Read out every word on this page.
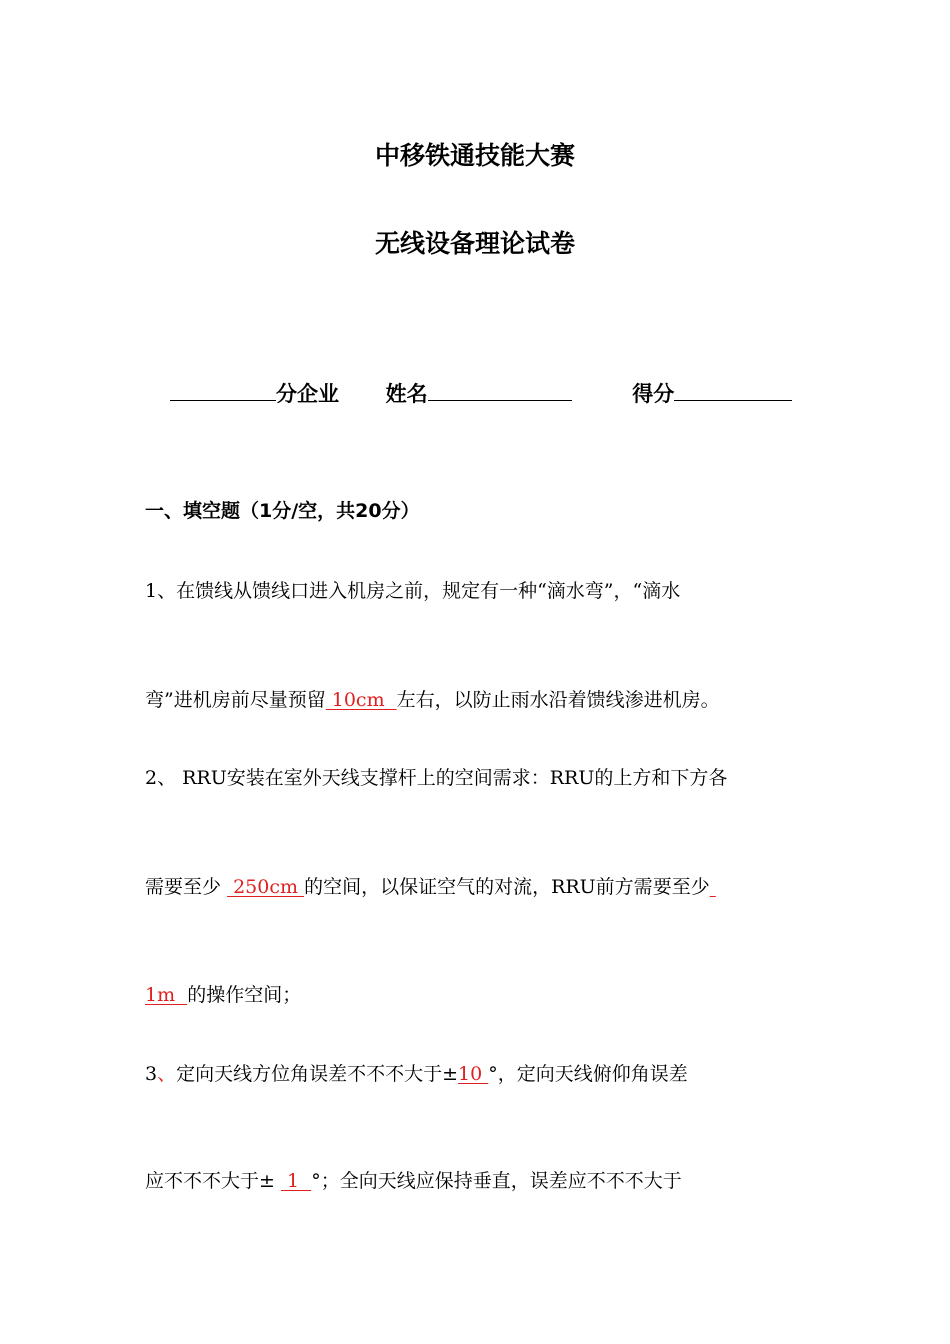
中移铁通技能大赛
无线设备理论试卷
分企业 姓名	得分
一、填空题（1分/空，共20分）
1、在馈线从馈线口进入机房之前，规定有一种“滴水弯”，“滴水
弯”进机房前尽量预留 10cm  左右，以防止雨水沿着馈线渗进机房。
2、 RRU安装在室外天线支撑杆上的空间需求：RRU的上方和下方各
需要至少  250cm 的空间，以保证空气的对流，RRU前方需要至少
1m  的操作空间；
3、定向天线方位角误差不不不大于±10 °，定向天线俯仰角误差
应不不不大于±  1  °；全向天线应保持垂直，误差应不不不大于
